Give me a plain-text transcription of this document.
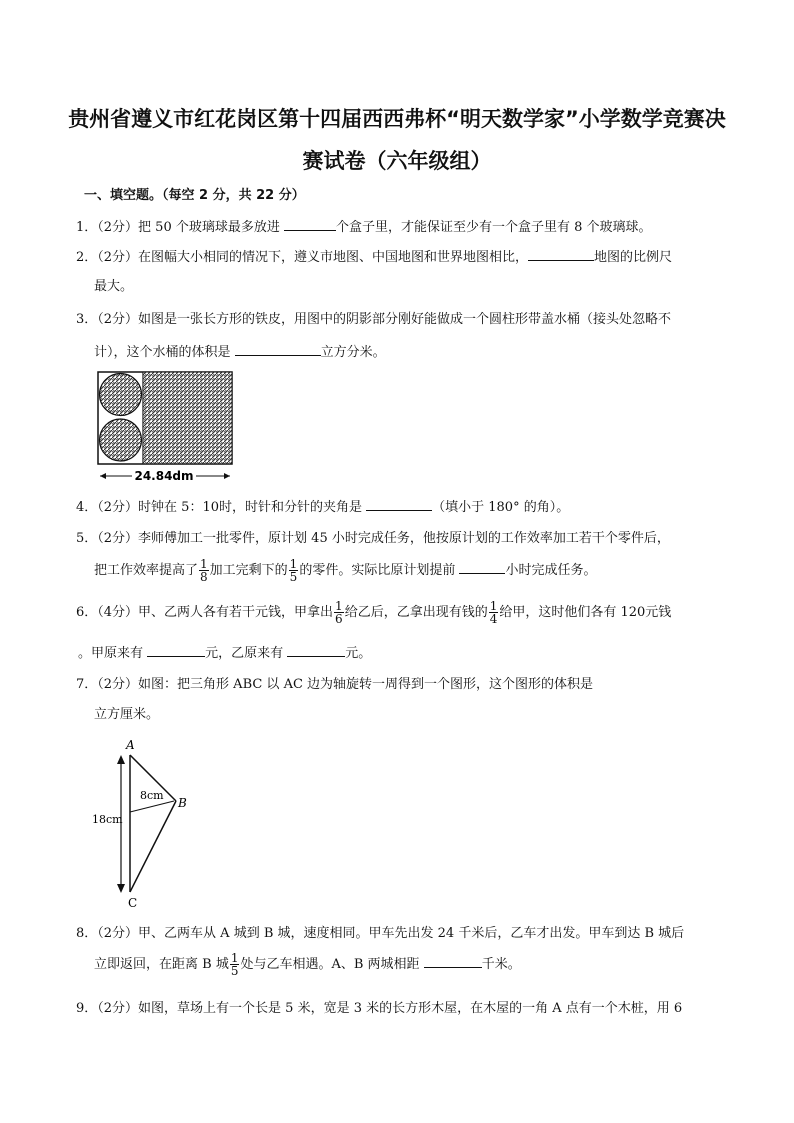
贵州省遵义市红花岗区第十四届西西弗杯“明天数学家”小学数学竞赛决
赛试卷（六年级组）
一、填空题。（每空 2 分，共 22 分）
1．（2分）把 50 个玻璃球最多放进	个盒子里，才能保证至少有一个盒子里有 8 个玻璃球。
2．（2分）在图幅大小相同的情况下，遵义市地图、中国地图和世界地图相比，	地图的比例尺
最大。
3．（2分）如图是一张长方形的铁皮，用图中的阴影部分刚好能做成一个圆柱形带盖水桶（接头处忽略不
计），这个水桶的体积是	立方分米。
24.84dm
4．（2分）时钟在 5：10时，时针和分针的夹角是	（填小于 180° 的角）。
5．（2分）李师傅加工一批零件，原计划 45 小时完成任务，他按原计划的工作效率加工若干个零件后，
把工作效率提高了 $\frac{1}{8}$ 加工完剩下的 $\frac{1}{5}$ 的零件。实际比原计划提前	小时完成任务。
6．（4分）甲、乙两人各有若干元钱，甲拿出 $\frac{1}{6}$ 给乙后，乙拿出现有钱的 $\frac{1}{4}$ 给甲，这时他们各有 120元钱
。甲原来有	元，乙原来有	元。
7．（2分）如图：把三角形 ABC 以 AC 边为轴旋转一周得到一个图形，这个图形的体积是
立方厘米。
A
B
C
8cm
18cm
8．（2分）甲、乙两车从 A 城到 B 城，速度相同。甲车先出发 24 千米后，乙车才出发。甲车到达 B 城后
立即返回，在距离 B 城 $\frac{1}{5}$ 处与乙车相遇。A、B 两城相距	千米。
9．（2分）如图，草场上有一个长是 5 米，宽是 3 米的长方形木屋，在木屋的一角 A 点有一个木桩，用 6
